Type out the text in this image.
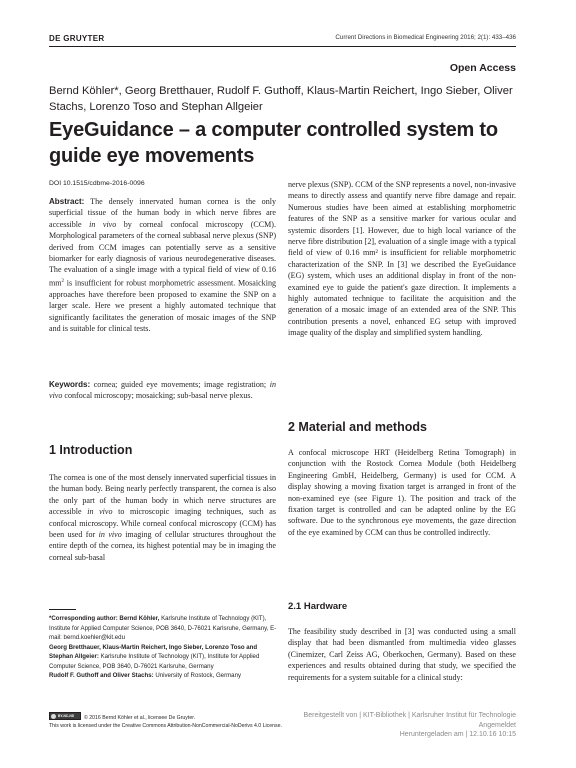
DE GRUYTER	Current Directions in Biomedical Engineering 2016; 2(1): 433–436
Open Access
Bernd Köhler*, Georg Bretthauer, Rudolf F. Guthoff, Klaus-Martin Reichert, Ingo Sieber, Oliver Stachs, Lorenzo Toso and Stephan Allgeier
EyeGuidance – a computer controlled system to guide eye movements
DOI 10.1515/cdbme-2016-0096
Abstract: The densely innervated human cornea is the only superficial tissue of the human body in which nerve fibres are accessible in vivo by corneal confocal microscopy (CCM). Morphological parameters of the corneal subbasal nerve plexus (SNP) derived from CCM images can potentially serve as a sensitive biomarker for early diagnosis of various neurodegenerative diseases. The evaluation of a single image with a typical field of view of 0.16 $mm^2$ is insufficient for robust morphometric assessment. Mosaicking approaches have therefore been proposed to examine the SNP on a larger scale. Here we present a highly automated technique that significantly facilitates the generation of mosaic images of the SNP and is suitable for clinical tests.
Keywords: cornea; guided eye movements; image registration; in vivo confocal microscopy; mosaicking; sub-basal nerve plexus.
1 Introduction
The cornea is one of the most densely innervated superficial tissues in the human body. Being nearly perfectly transparent, the cornea is also the only part of the human body in which nerve structures are accessible in vivo to microscopic imaging techniques, such as confocal microscopy. While corneal confocal microscopy (CCM) has been used for in vivo imaging of cellular structures throughout the entire depth of the cornea, its highest potential may be in imaging the corneal sub-basal

*Corresponding author: Bernd Köhler, Karlsruhe Institute of Technology (KIT), Institute for Applied Computer Science, POB 3640, D-76021 Karlsruhe, Germany, E-mail: bernd.koehler@kit.edu

Georg Bretthauer, Klaus-Martin Reichert, Ingo Sieber, Lorenzo Toso and Stephan Allgeier: Karlsruhe Institute of Technology (KIT), Institute for Applied Computer Science, POB 3640, D-76021 Karlsruhe, Germany

Rudolf F. Guthoff and Oliver Stachs: University of Rostock, Germany

nerve plexus (SNP). CCM of the SNP represents a novel, non-invasive means to directly assess and quantify nerve fibre damage and repair. Numerous studies have been aimed at establishing morphometric features of the SNP as a sensitive marker for various ocular and systemic disorders [1]. However, due to high local variance of the nerve fibre distribution [2], evaluation of a single image with a typical field of view of 0.16 mm² is insufficient for reliable morphometric characterization of the SNP. In [3] we described the EyeGuidance (EG) system, which uses an additional display in front of the non-examined eye to guide the patient's gaze direction. It implements a highly automated technique to facilitate the acquisition and the generation of a mosaic image of an extended area of the SNP. This contribution presents a novel, enhanced EG setup with improved image quality of the display and simplified system handling.
2 Material and methods
A confocal microscope HRT (Heidelberg Retina Tomograph) in conjunction with the Rostock Cornea Module (both Heidelberg Engineering GmbH, Heidelberg, Germany) is used for CCM. A display showing a moving fixation target is arranged in front of the non-examined eye (see Figure 1). The position and track of the fixation target is controlled and can be adapted online by the EG software. Due to the synchronous eye movements, the gaze direction of the eye examined by CCM can thus be controlled indirectly.
2.1 Hardware
The feasibility study described in [3] was conducted using a small display that had been dismantled from multimedia video glasses (Cinemizer, Carl Zeiss AG, Oberkochen, Germany). Based on these experiences and results obtained during that study, we specified the requirements for a system suitable for a clinical study:
BY-NC-ND© 2016 Bernd Köhler et al., licensee De Gruyter.
This work is licensed under the Creative Commons Attribution-NonCommercial-NoDerivs 4.0 License.
Bereitgestellt von | KIT-Bibliothek | Karlsruher Institut für Technologie
Angemeldet
Heruntergeladen am | 12.10.16 10:15
